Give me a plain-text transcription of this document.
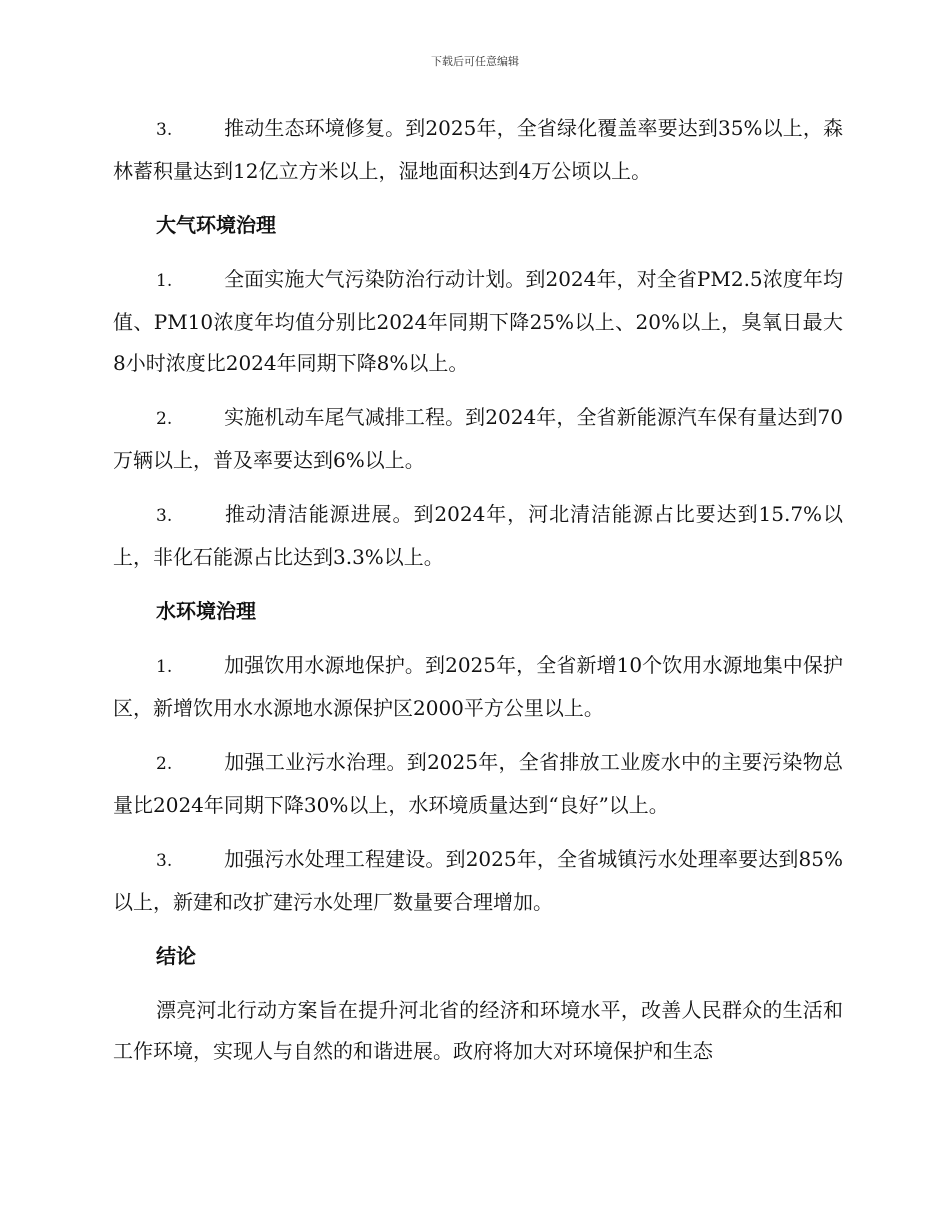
下载后可任意编辑

3.	推动生态环境修复。到2025年，全省绿化覆盖率要达到35%以上，森林蓄积量达到12亿立方米以上，湿地面积达到4万公顷以上。

大气环境治理

1.	全面实施大气污染防治行动计划。到2024年，对全省PM2.5浓度年均值、PM10浓度年均值分别比2024年同期下降25%以上、20%以上，臭氧日最大8小时浓度比2024年同期下降8%以上。

2.	实施机动车尾气减排工程。到2024年，全省新能源汽车保有量达到70万辆以上，普及率要达到6%以上。

3.	推动清洁能源进展。到2024年，河北清洁能源占比要达到15.7%以上，非化石能源占比达到3.3%以上。

水环境治理

1.	加强饮用水源地保护。到2025年，全省新增10个饮用水源地集中保护区，新增饮用水水源地水源保护区2000平方公里以上。

2.	加强工业污水治理。到2025年，全省排放工业废水中的主要污染物总量比2024年同期下降30%以上，水环境质量达到“良好”以上。

3.	加强污水处理工程建设。到2025年，全省城镇污水处理率要达到85%以上，新建和改扩建污水处理厂数量要合理增加。

结论

漂亮河北行动方案旨在提升河北省的经济和环境水平，改善人民群众的生活和工作环境，实现人与自然的和谐进展。政府将加大对环境保护和生态
